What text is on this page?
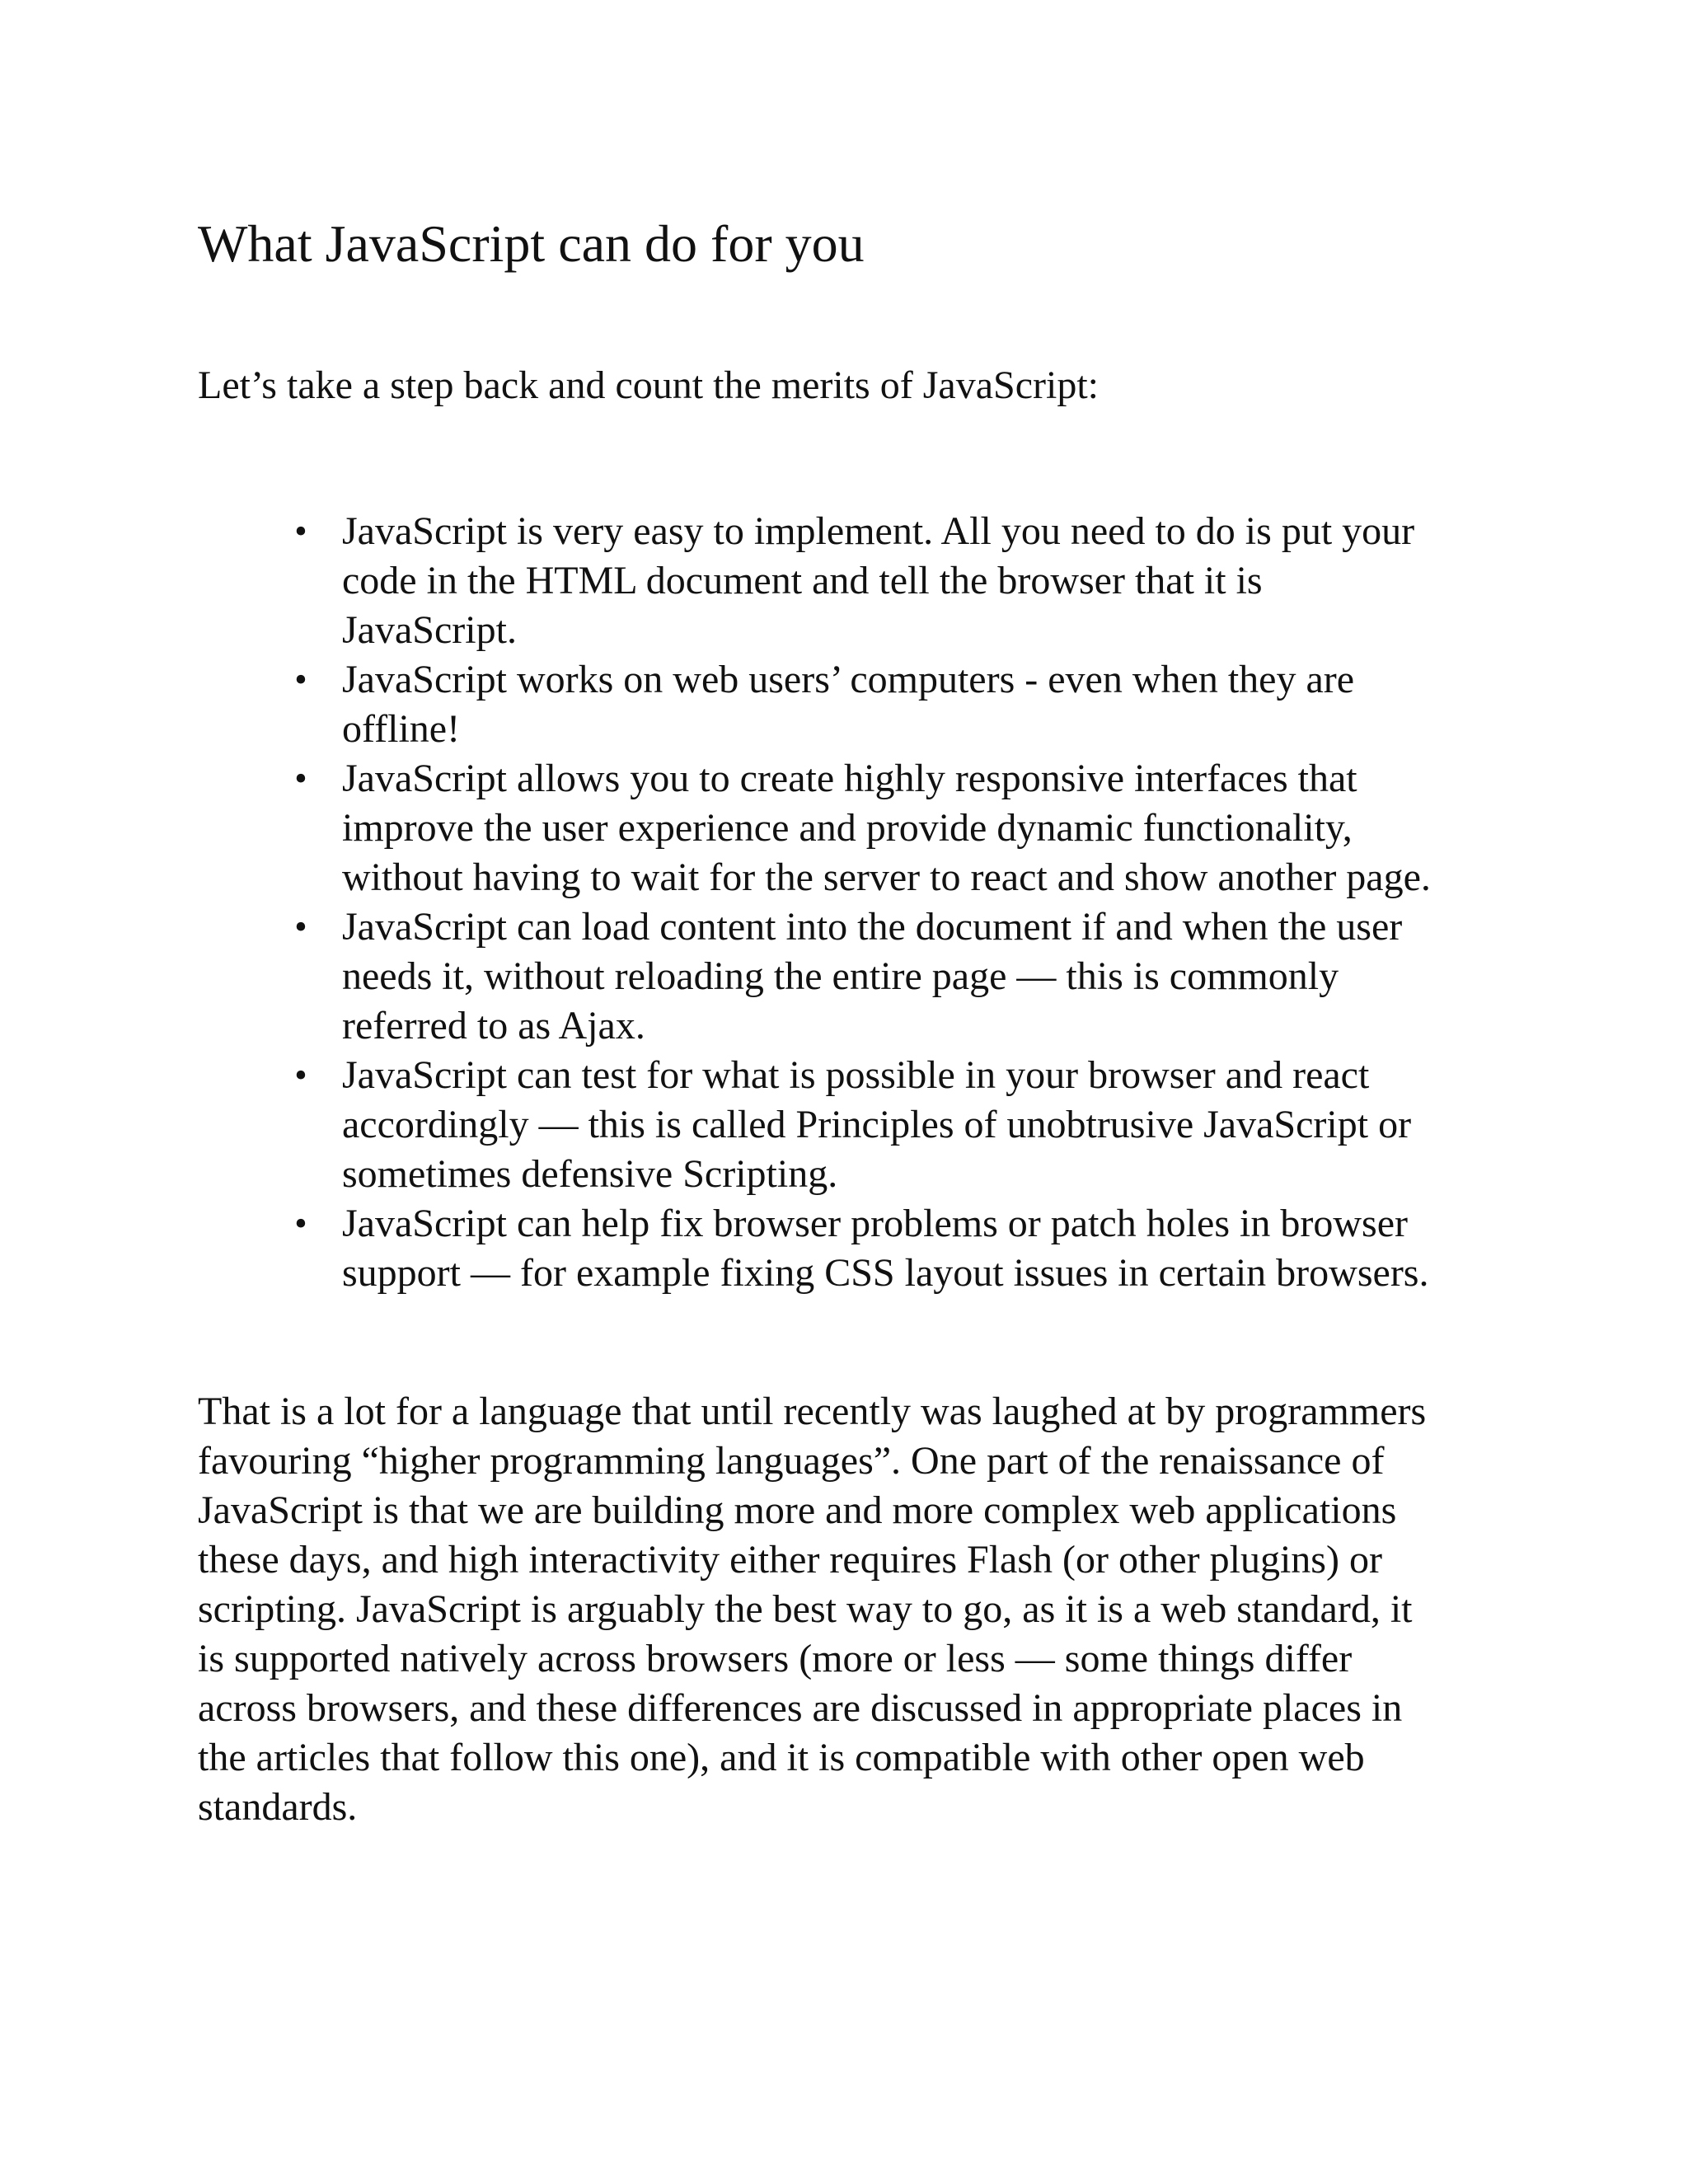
What JavaScript can do for you

Let’s take a step back and count the merits of JavaScript:

• JavaScript is very easy to implement. All you need to do is put your
code in the HTML document and tell the browser that it is
JavaScript.
• JavaScript works on web users’ computers - even when they are
offline!
• JavaScript allows you to create highly responsive interfaces that
improve the user experience and provide dynamic functionality,
without having to wait for the server to react and show another page.
• JavaScript can load content into the document if and when the user
needs it, without reloading the entire page — this is commonly
referred to as Ajax.
• JavaScript can test for what is possible in your browser and react
accordingly — this is called Principles of unobtrusive JavaScript or
sometimes defensive Scripting.
• JavaScript can help fix browser problems or patch holes in browser
support — for example fixing CSS layout issues in certain browsers.

That is a lot for a language that until recently was laughed at by programmers
favouring “higher programming languages”. One part of the renaissance of
JavaScript is that we are building more and more complex web applications
these days, and high interactivity either requires Flash (or other plugins) or
scripting. JavaScript is arguably the best way to go, as it is a web standard, it
is supported natively across browsers (more or less — some things differ
across browsers, and these differences are discussed in appropriate places in
the articles that follow this one), and it is compatible with other open web
standards.
